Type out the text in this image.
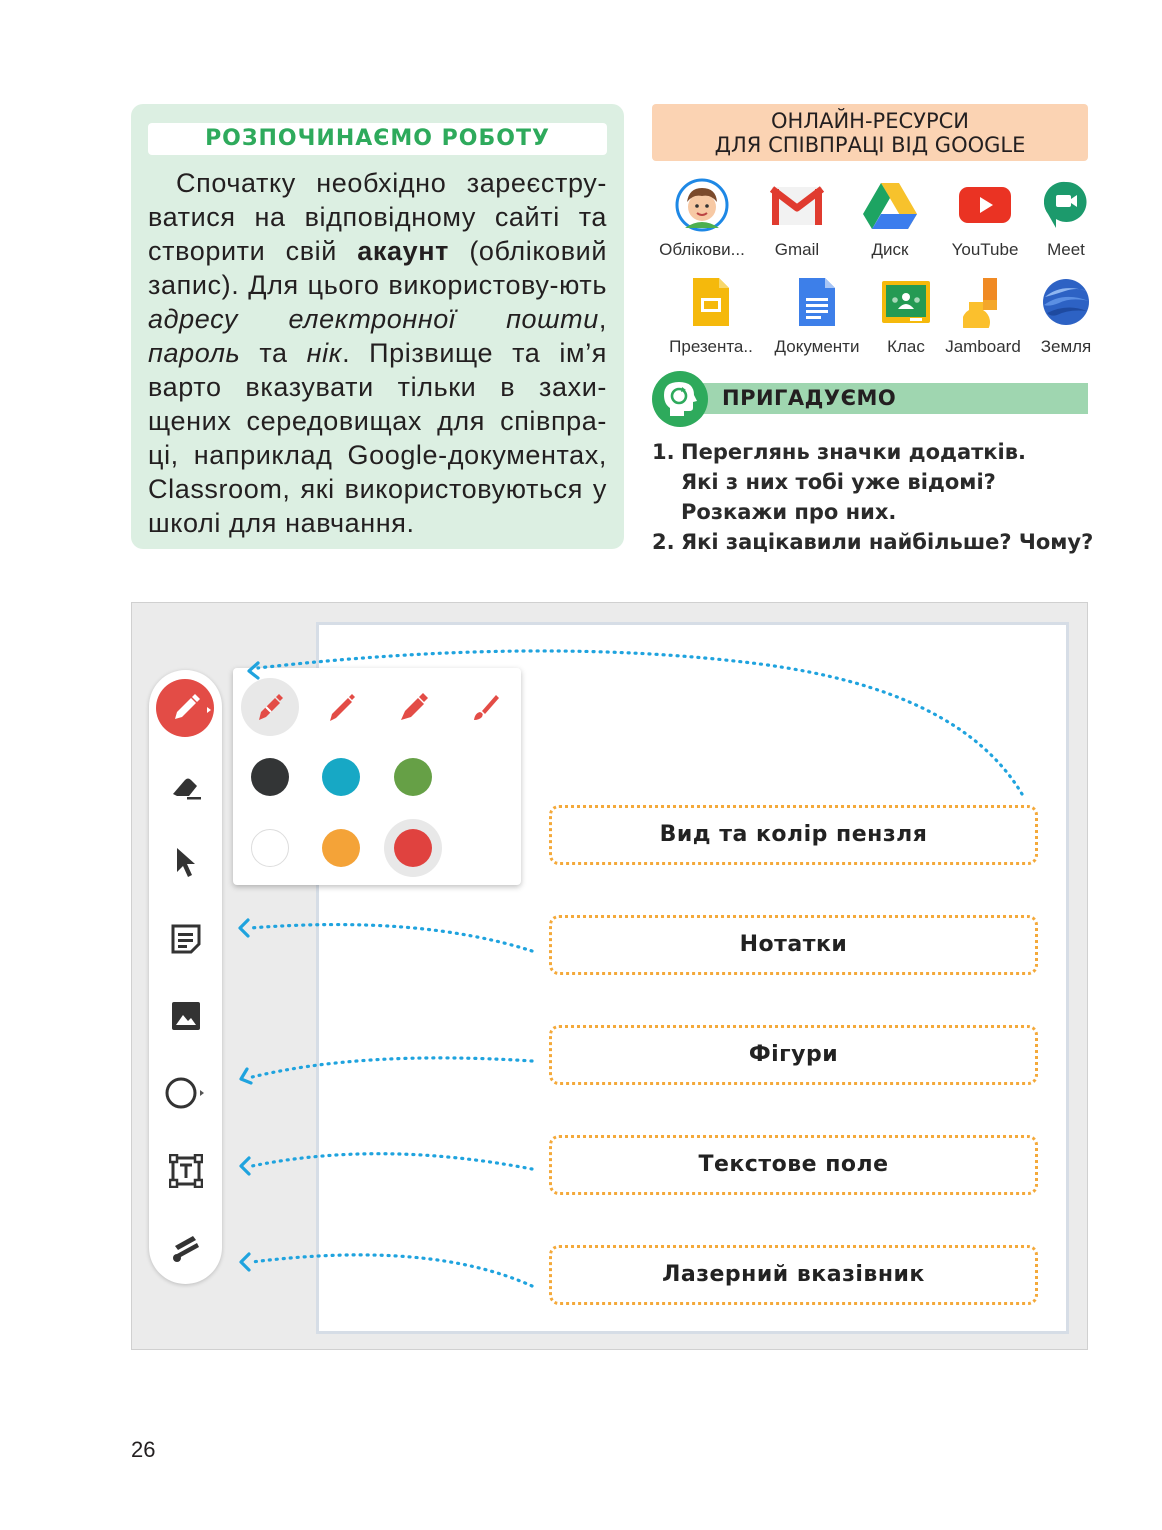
РОЗПОЧИНАЄМО РОБОТУ
Спочатку необхідно зареєстру-ватися на відповідному сайті та створити свій акаунт (обліковий запис). Для цього використову-ють адресу електронної пошти, пароль та нік. Прізвище та ім’я варто вказувати тільки в захи-щених середовищах для співпра-ці, наприклад Google-документах, Classroom, які використовуються у школі для навчання.
ОНЛАЙН-РЕСУРСИ
ДЛЯ СПІВПРАЦІ ВІД GOOGLE
Облікови...	Gmail	Диск	YouTube	Meet
Презента..	Документи	Клас	Jamboard	Земля
ПРИГАДУЄМО
1. Переглянь значки додатків.
Які з них тобі уже відомі?
Розкажи про них.
2. Які зацікавили найбільше? Чому?
Вид та колір пензля
Нотатки
Фігури
Текстове поле
Лазерний вказівник
26
